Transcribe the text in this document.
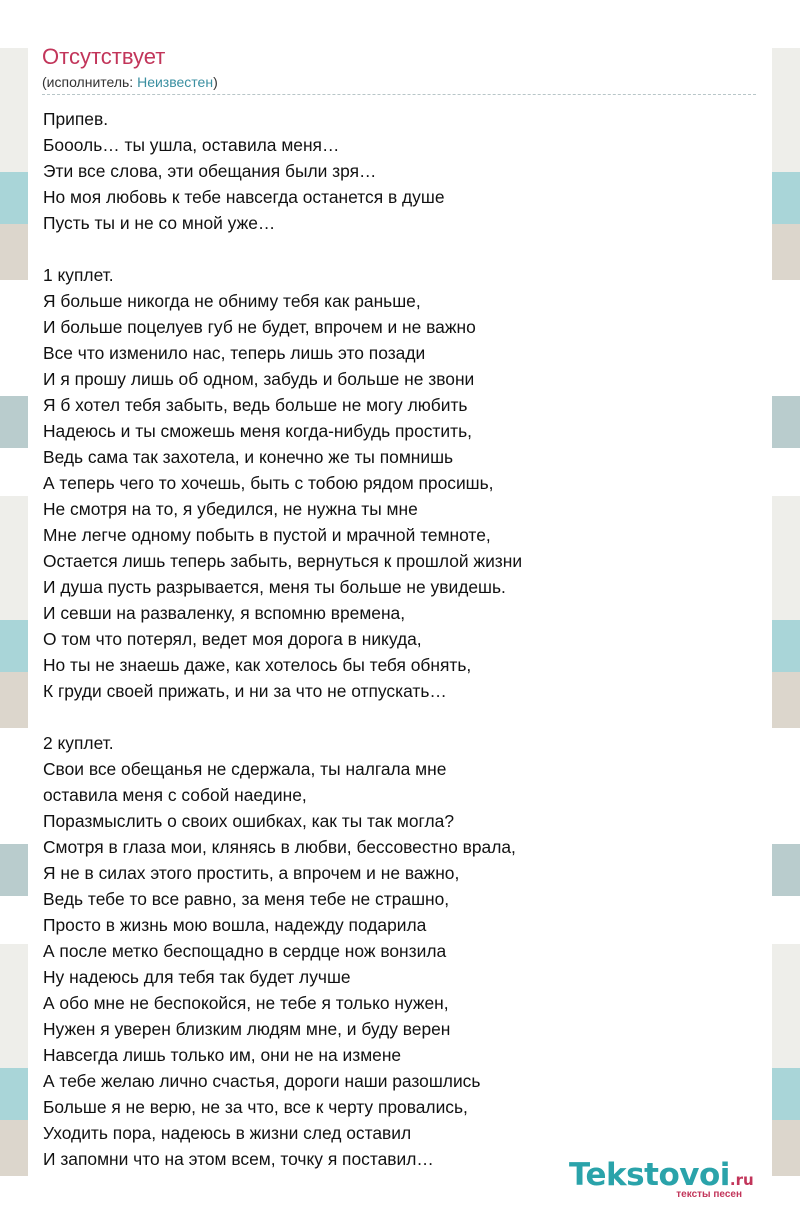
Отсутствует
(исполнитель: Неизвестен)
Припев.
Боооль… ты ушла, оставила меня…
Эти все слова, эти обещания были зря…
Но моя любовь к тебе навсегда останется в душе
Пусть ты и не со мной уже…

1 куплет.
Я больше никогда не обниму тебя как раньше,
И больше поцелуев губ не будет, впрочем и не важно
Все что изменило нас, теперь лишь это позади
И я прошу лишь об одном, забудь и больше не звони
Я б хотел тебя забыть, ведь больше не могу любить
Надеюсь и ты сможешь меня когда-нибудь простить,
Ведь сама так захотела, и конечно же ты помнишь
А теперь чего то хочешь, быть с тобою рядом просишь,
Не смотря на то, я убедился, не нужна ты мне
Мне легче одному побыть в пустой и мрачной темноте,
Остается лишь теперь забыть, вернуться к прошлой жизни
И душа пусть разрывается, меня ты больше не увидешь.
И севши на разваленку, я вспомню времена,
О том что потерял, ведет моя дорога в никуда,
Но ты не знаешь даже, как хотелось бы тебя обнять,
К груди своей прижать, и ни за что не отпускать…

2 куплет.
Свои все обещанья не сдержала, ты налгала мне
оставила меня с собой наедине,
Поразмыслить о своих ошибках, как ты так могла?
Смотря в глаза мои, клянясь в любви, бессовестно врала,
Я не в силах этого простить, а впрочем и не важно,
Ведь тебе то все равно, за меня тебе не страшно,
Просто в жизнь мою вошла, надежду подарила
А после метко беспощадно в сердце нож вонзила
Ну надеюсь для тебя так будет лучше
А обо мне не беспокойся, не тебе я только нужен,
Нужен я уверен близким людям мне, и буду верен
Навсегда лишь только им, они не на измене
А тебе желаю лично счастья, дороги наши разошлись
Больше я не верю, не за что, все к черту провались,
Уходить пора, надеюсь в жизни след оставил
И запомни что на этом всем, точку я поставил…	Tekstovoi.ru
тексты песен
